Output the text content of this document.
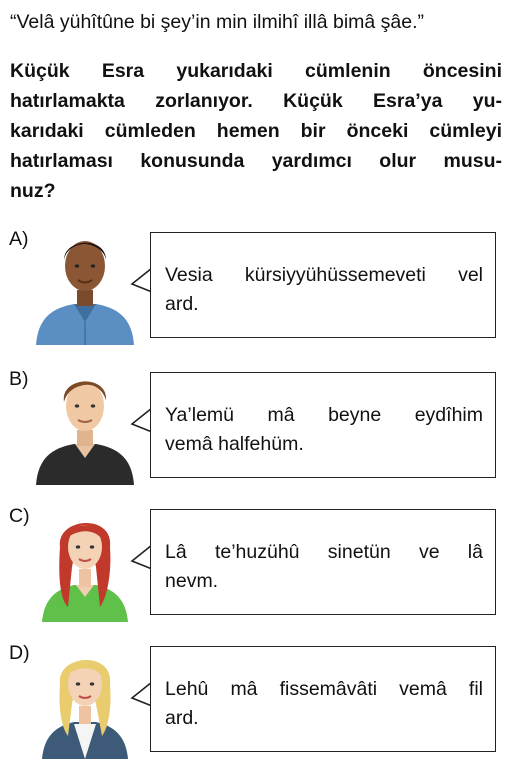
“Velâ yühîtûne bi şey’in min ilmihî illâ bimâ şâe.”
Küçük Esra yukarıdaki cümlenin öncesini
hatırlamakta zorlanıyor. Küçük Esra’ya yu-
karıdaki cümleden hemen bir önceki cümleyi
hatırlaması konusunda yardımcı olur musu-
nuz?
A)
Vesia kürsiyyühüssemeveti vel
ard.
B)
Ya’lemü mâ beyne eydîhim
vemâ halfehüm.
C)
Lâ te’huzühû sinetün ve lâ
nevm.
D)
Lehû mâ fissemâvâti vemâ fil
ard.
